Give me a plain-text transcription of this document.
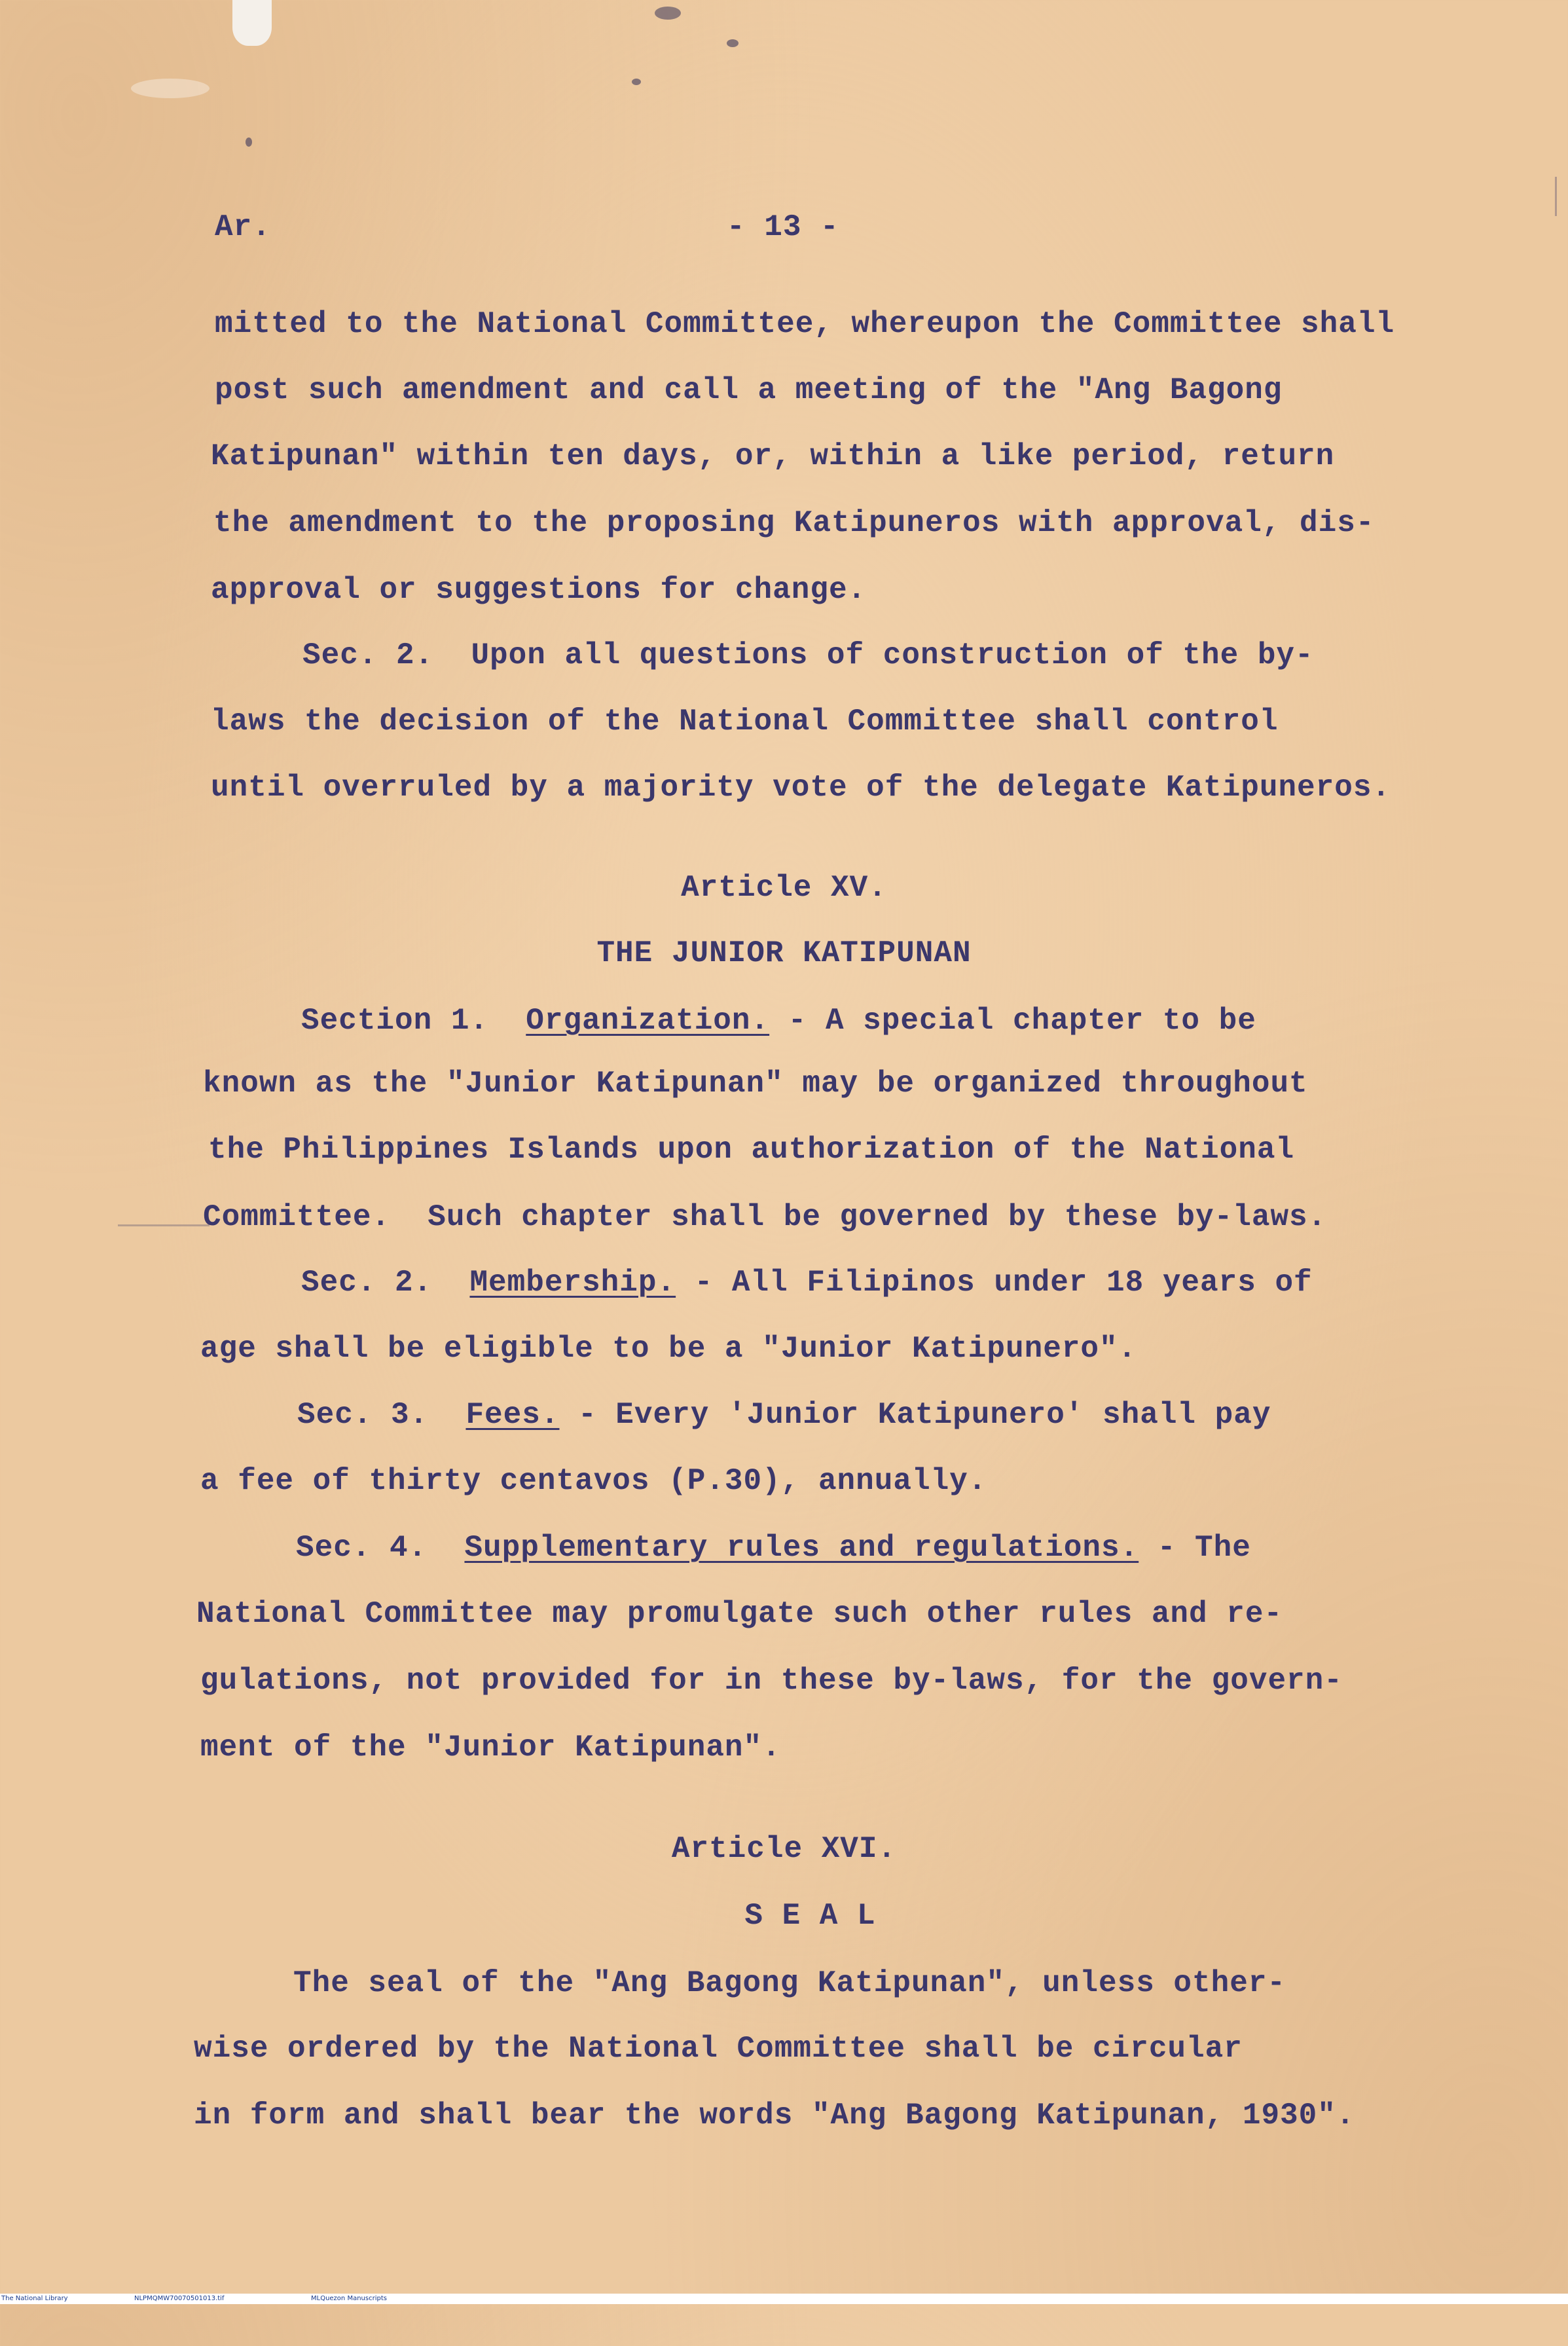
Ar.	- 13 -
mitted to the National Committee, whereupon the Committee shall
post such amendment and call a meeting of the "Ang Bagong
Katipunan" within ten days, or, within a like period, return
the amendment to the proposing Katipuneros with approval, dis-
approval or suggestions for change.
Sec. 2.  Upon all questions of construction of the by-
laws the decision of the National Committee shall control
until overruled by a majority vote of the delegate Katipuneros.
Article XV.
THE JUNIOR KATIPUNAN
Section 1. Organization. - A special chapter to be
known as the "Junior Katipunan" may be organized throughout
the Philippines Islands upon authorization of the National
Committee.  Such chapter shall be governed by these by-laws.
Sec. 2. Membership. - All Filipinos under 18 years of
age shall be eligible to be a "Junior Katipunero".
Sec. 3. Fees. - Every 'Junior Katipunero' shall pay
a fee of thirty centavos (P.30), annually.
Sec. 4. Supplementary rules and regulations. - The
National Committee may promulgate such other rules and re-
gulations, not provided for in these by-laws, for the govern-
ment of the "Junior Katipunan".
Article XVI.
S E A L
The seal of the "Ang Bagong Katipunan", unless other-
wise ordered by the National Committee shall be circular
in form and shall bear the words "Ang Bagong Katipunan, 1930".

The National Library

	NLPMQMW70070501013.tif

	MLQuezon Manuscripts
